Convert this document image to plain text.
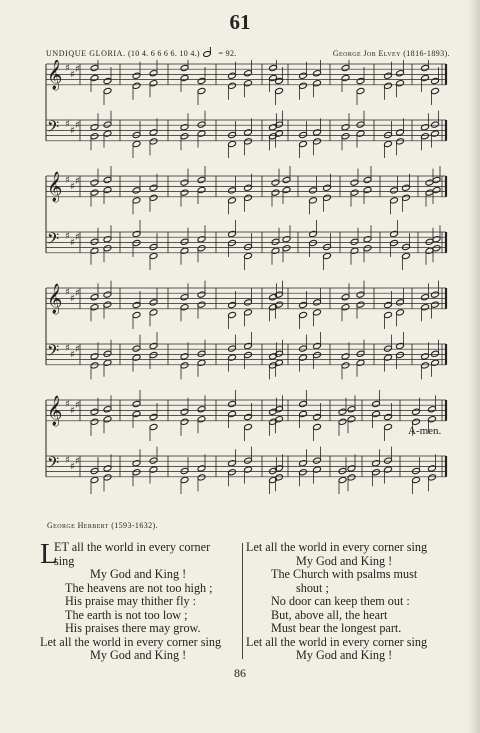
61
UNDIQUE GLORIA. (10 4. 6 6 6 6. 10 4.) = 92.	George Job Elvey (1816-1893).
𝄞 ♯
♯ ♯
𝄢 ♯
♯ ♯
𝄞 ♯
♯ ♯
𝄢 ♯
♯ ♯
𝄞 ♯
♯ ♯
𝄢 ♯
♯ ♯
𝄞 ♯
♯ ♯
𝄢 ♯
♯ ♯
A-men.
George Herbert (1593-1632).
L
ET all the world in every corner
sing
My God and King !
The heavens are not too high ;
His praise may thither fly :
The earth is not too low ;
His praises there may grow.
Let all the world in every corner sing
My God and King !
Let all the world in every corner sing
My God and King !
The Church with psalms must
shout ;
No door can keep them out :
But, above all, the heart
Must bear the longest part.
Let all the world in every corner sing
My God and King !
86
